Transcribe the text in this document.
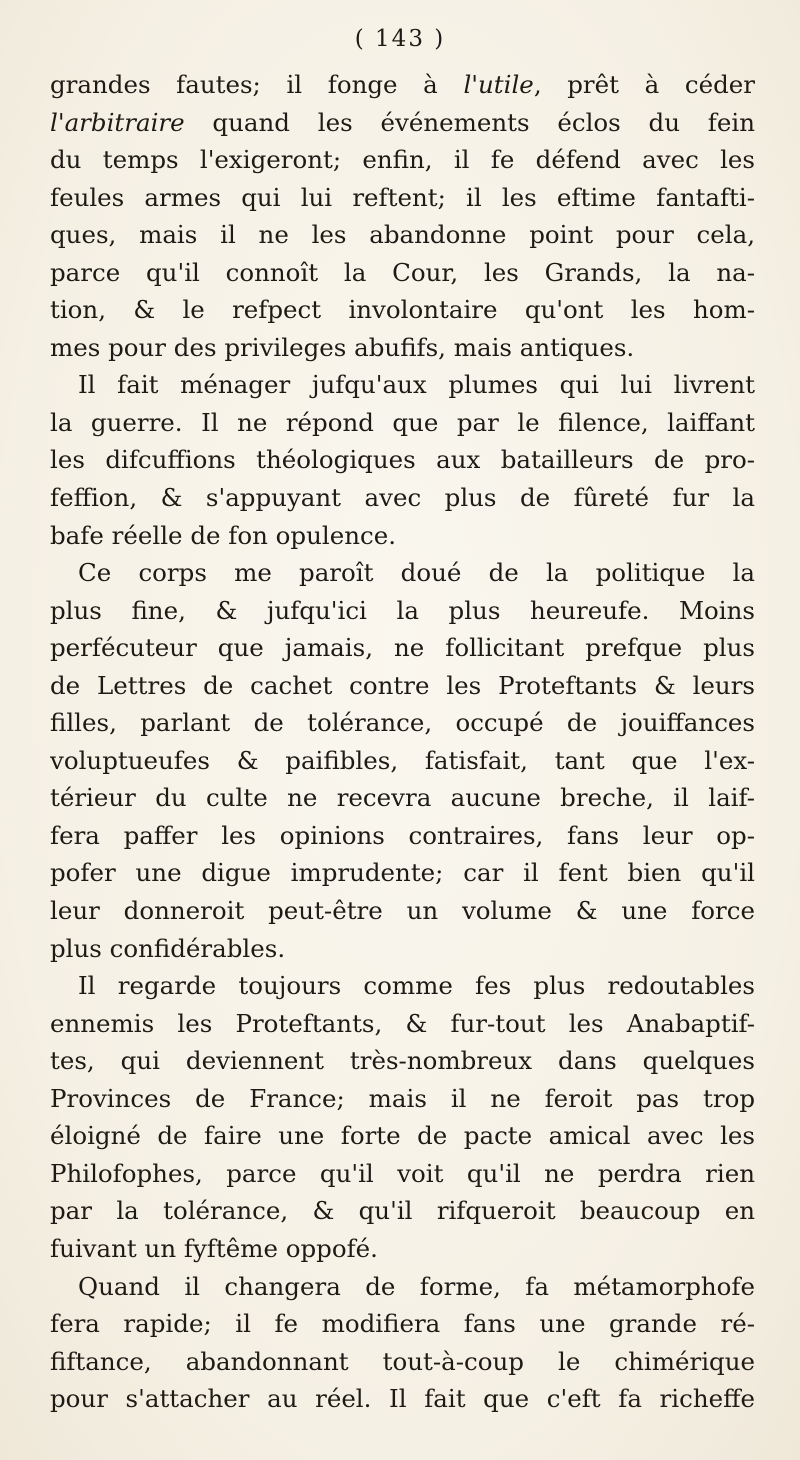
( 143 )
grandes fautes; il fonge à l'utile, prêt à céder
l'arbitraire quand les événements éclos du fein
du temps l'exigeront; enfin, il fe défend avec les
feules armes qui lui reftent; il les eftime fantafti-
ques, mais il ne les abandonne point pour cela,
parce qu'il connoît la Cour, les Grands, la na-
tion, & le refpect involontaire qu'ont les hom-
mes pour des privileges abufifs, mais antiques.
Il fait ménager jufqu'aux plumes qui lui livrent
la guerre. Il ne répond que par le filence, laiffant
les difcuffions théologiques aux batailleurs de pro-
feffion, & s'appuyant avec plus de fûreté fur la
bafe réelle de fon opulence.
Ce corps me paroît doué de la politique la
plus fine, & jufqu'ici la plus heureufe. Moins
perfécuteur que jamais, ne follicitant prefque plus
de Lettres de cachet contre les Proteftants & leurs
filles, parlant de tolérance, occupé de jouiffances
voluptueufes & paifibles, fatisfait, tant que l'ex-
térieur du culte ne recevra aucune breche, il laif-
fera paffer les opinions contraires, fans leur op-
pofer une digue imprudente; car il fent bien qu'il
leur donneroit peut-être un volume & une force
plus confidérables.
Il regarde toujours comme fes plus redoutables
ennemis les Proteftants, & fur-tout les Anabaptif-
tes, qui deviennent très-nombreux dans quelques
Provinces de France; mais il ne feroit pas trop
éloigné de faire une forte de pacte amical avec les
Philofophes, parce qu'il voit qu'il ne perdra rien
par la tolérance, & qu'il rifqueroit beaucoup en
fuivant un fyftême oppofé.
Quand il changera de forme, fa métamorphofe
fera rapide; il fe modifiera fans une grande ré-
fiftance, abandonnant tout-à-coup le chimérique
pour s'attacher au réel. Il fait que c'eft fa richeffe
